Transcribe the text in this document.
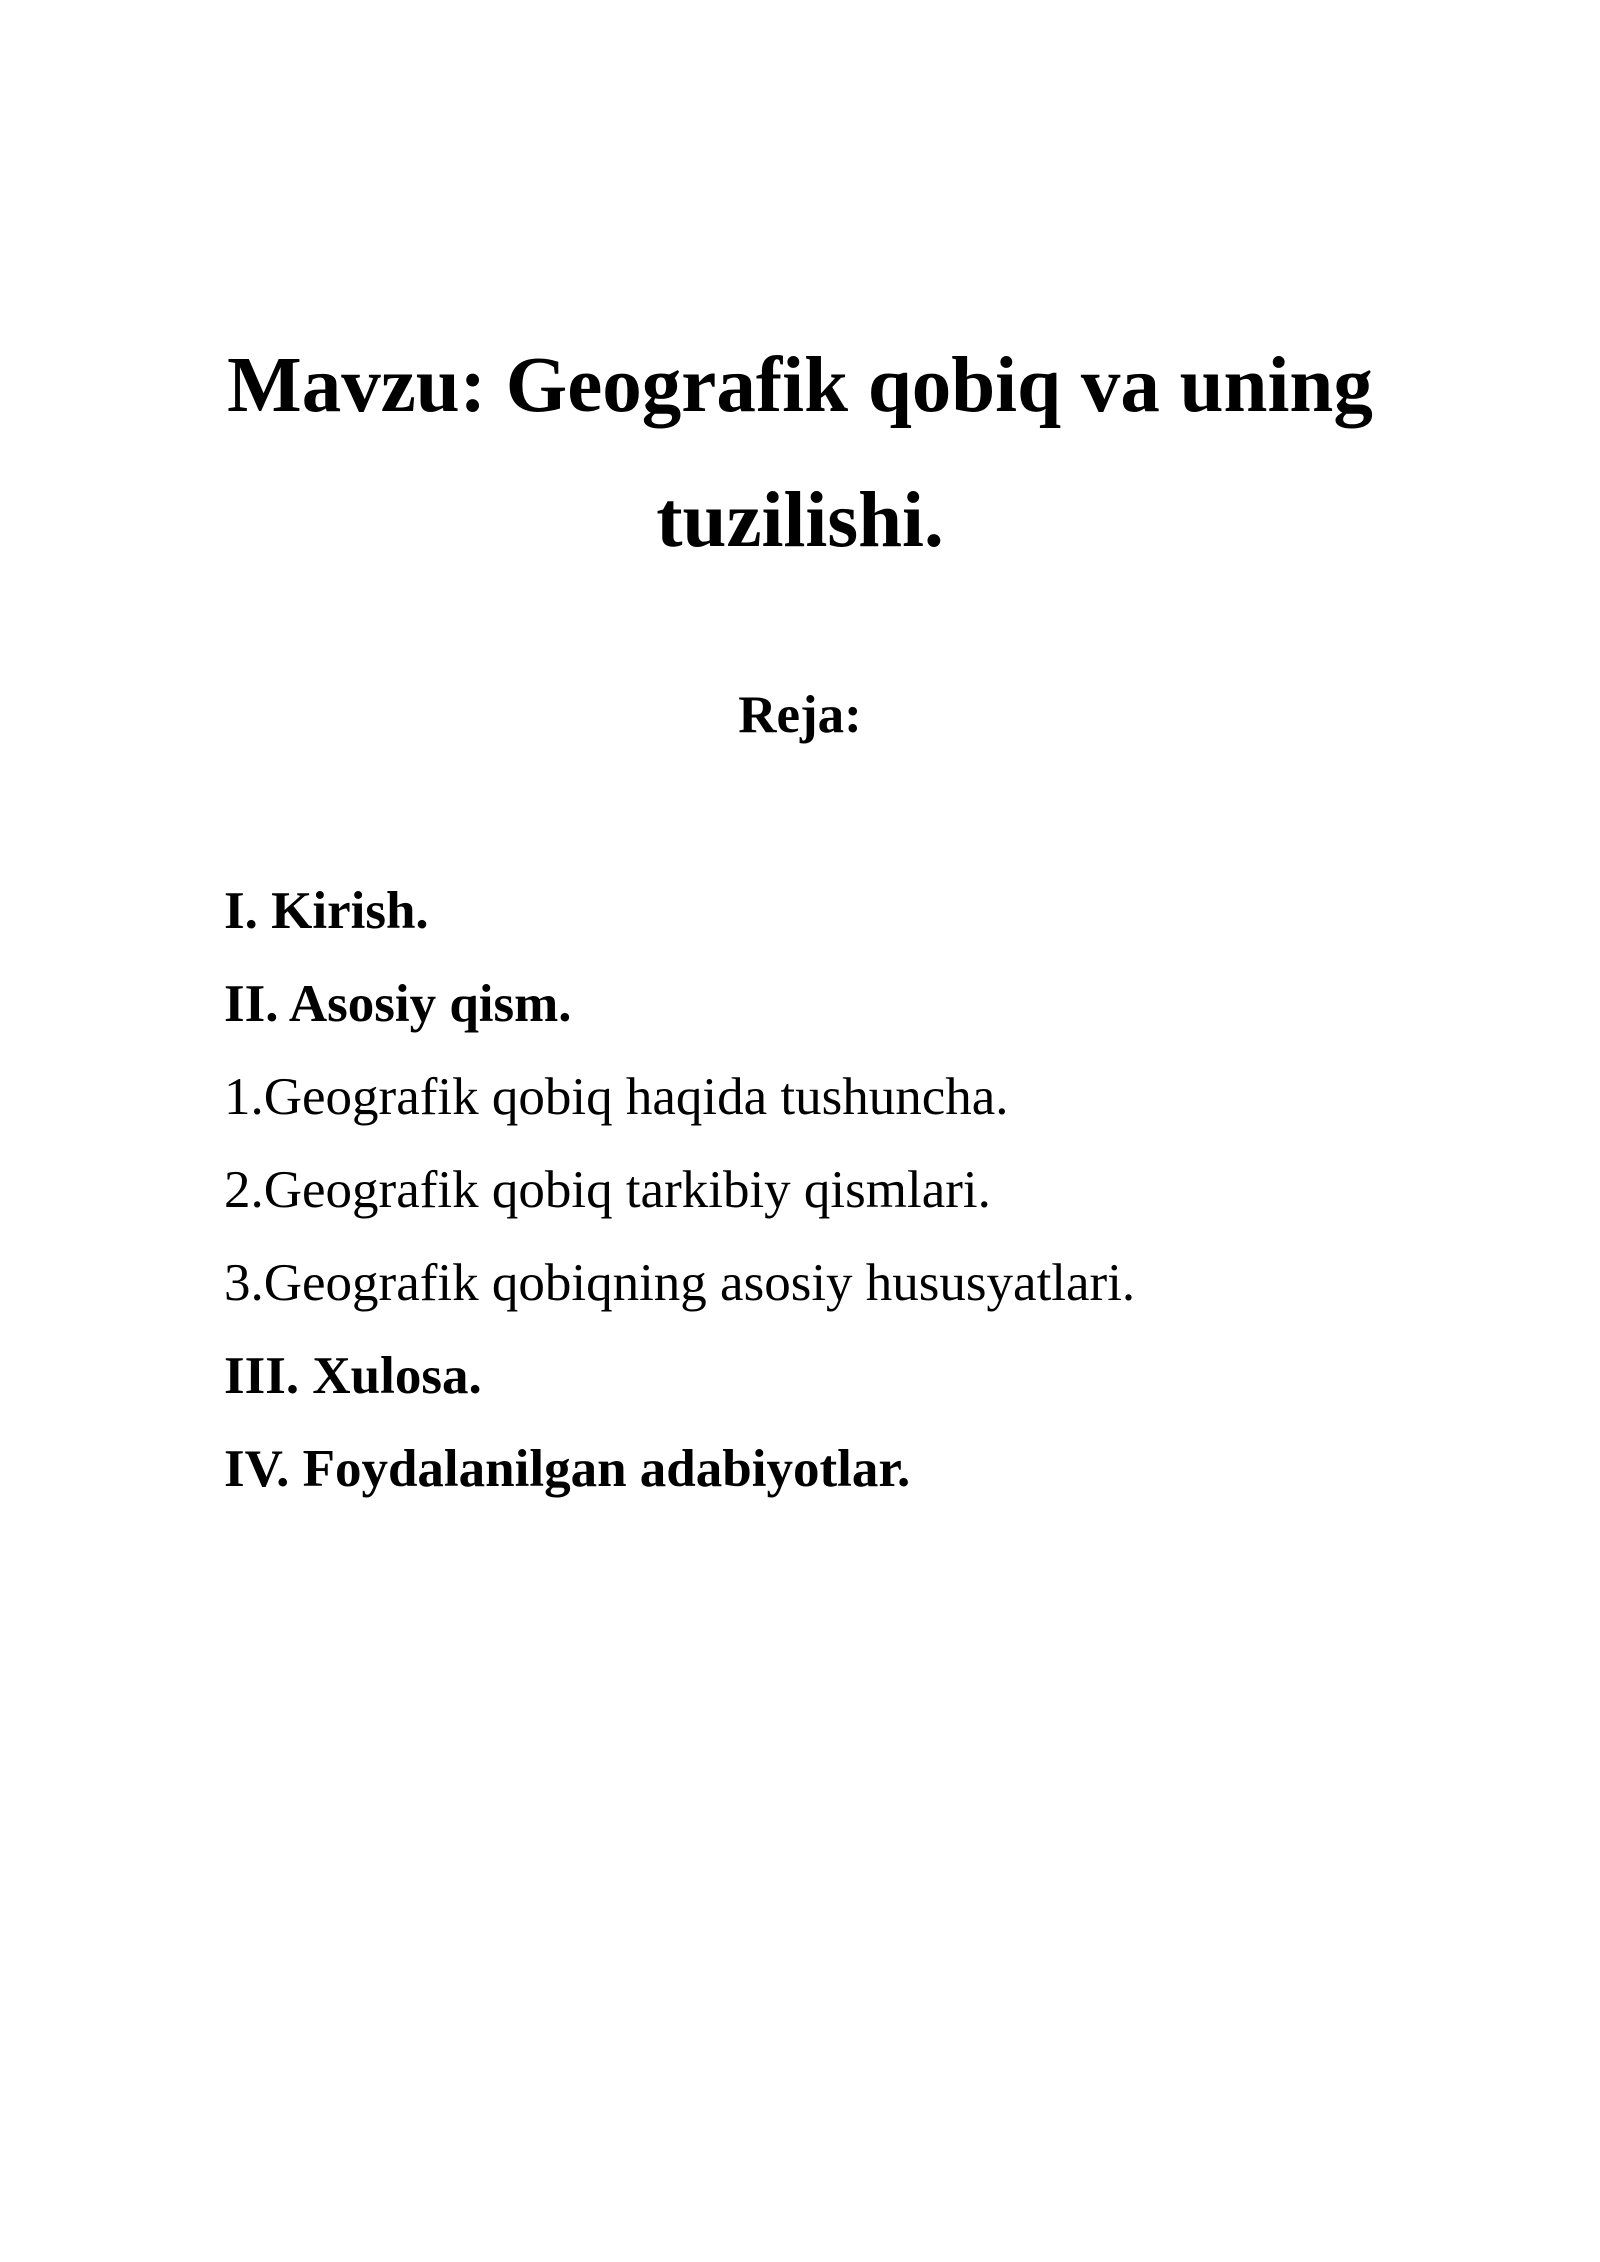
Mavzu: Geografik qobiq va uning
tuzilishi.
Reja:
I. Kirish.
II. Asosiy qism.
1.Geografik qobiq haqida tushuncha.
2.Geografik qobiq tarkibiy qismlari.
3.Geografik qobiqning asosiy hususyatlari.
III. Xulosa.
IV. Foydalanilgan adabiyotlar.
